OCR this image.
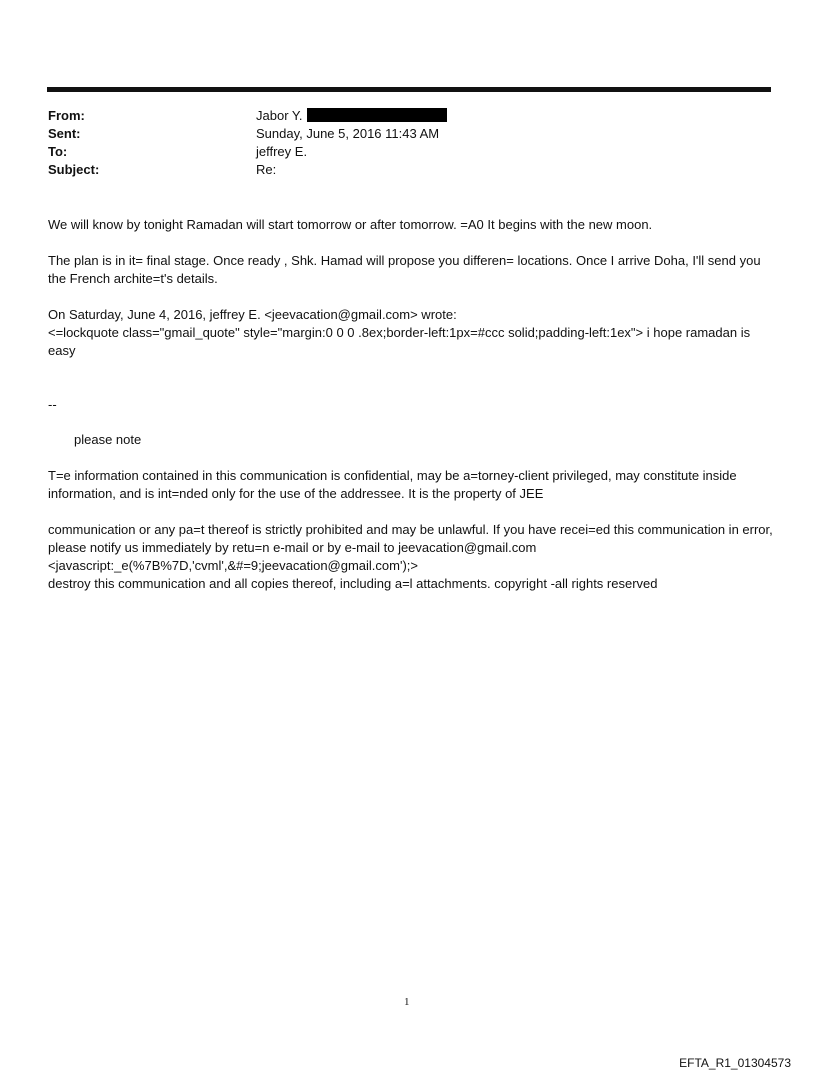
From:	Jabor Y.
Sent:	Sunday, June 5, 2016 11:43 AM
To:	jeffrey E.
Subject:	Re:

We will know by tonight Ramadan will start tomorrow or after tomorrow. =A0 It begins with the new moon.

The plan is in it= final stage. Once ready , Shk. Hamad will propose you differen= locations. Once I arrive Doha, I'll send you the French archite=t's details.

On Saturday, June 4, 2016, jeffrey E. <jeevacation@gmail.com> wrote:

<=lockquote class="gmail_quote" style="margin:0 0 0 .8ex;border-left:1px=#ccc solid;padding-left:1ex"> i hope ramadan is easy

--

please note

T=e information contained in this communication is confidential, may be a=torney-client privileged, may constitute inside information, and is int=nded only for the use of the addressee. It is the property of JEE

communication or any pa=t thereof is strictly prohibited and may be unlawful. If you have recei=ed this communication in error, please notify us immediately by retu=n e-mail or by e-mail to jeevacation@gmail.com

<javascript:_e(%7B%7D,'cvml',&#=9;jeevacation@gmail.com');>

destroy this communication and all copies thereof, including a=l attachments. copyright -all rights reserved

1
EFTA_R1_01304573
